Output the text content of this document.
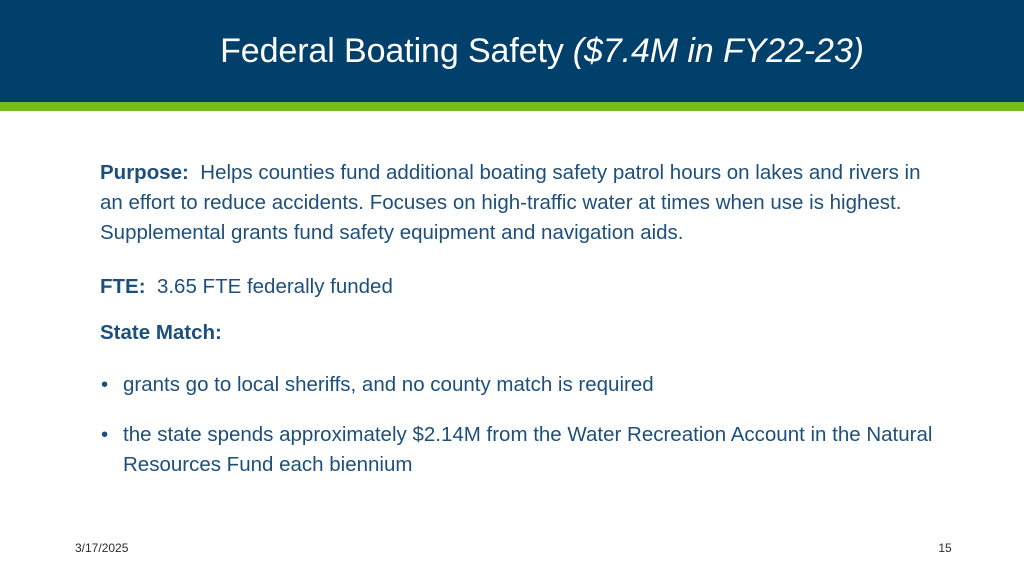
Federal Boating Safety ($7.4M in FY22-23)

Purpose: Helps counties fund additional boating safety patrol hours on lakes and rivers in an effort to reduce accidents. Focuses on high-traffic water at times when use is highest. Supplemental grants fund safety equipment and navigation aids.

FTE: 3.65 FTE federally funded

State Match:

• grants go to local sheriffs, and no county match is required
• the state spends approximately $2.14M from the Water Recreation Account in the Natural Resources Fund each biennium
3/17/2025	15
